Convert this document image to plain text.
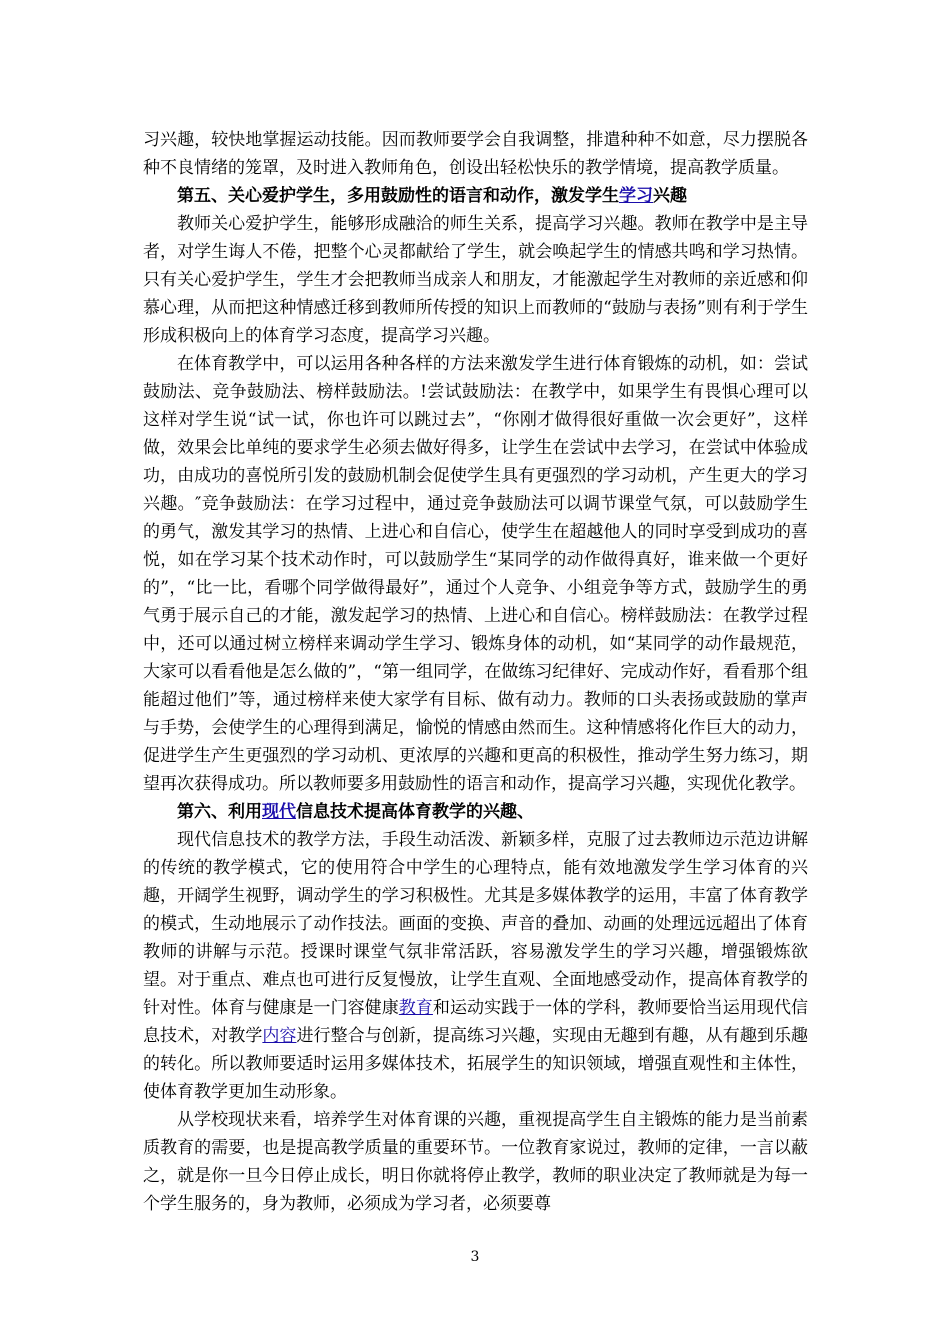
习兴趣，较快地掌握运动技能。因而教师要学会自我调整，排遣种种不如意，尽力摆脱各种不良情绪的笼罩，及时进入教师角色，创设出轻松快乐的教学情境，提高教学质量。

第五、关心爱护学生，多用鼓励性的语言和动作，激发学生学习兴趣

教师关心爱护学生，能够形成融洽的师生关系，提高学习兴趣。教师在教学中是主导者，对学生诲人不倦，把整个心灵都献给了学生，就会唤起学生的情感共鸣和学习热情。只有关心爱护学生，学生才会把教师当成亲人和朋友，才能激起学生对教师的亲近感和仰慕心理，从而把这种情感迁移到教师所传授的知识上而教师的“鼓励与表扬”则有利于学生形成积极向上的体育学习态度，提高学习兴趣。

在体育教学中，可以运用各种各样的方法来激发学生进行体育锻炼的动机，如：尝试鼓励法、竞争鼓励法、榜样鼓励法。!尝试鼓励法：在教学中，如果学生有畏惧心理可以这样对学生说“试一试，你也许可以跳过去”，“你刚才做得很好重做一次会更好”，这样做，效果会比单纯的要求学生必须去做好得多，让学生在尝试中去学习，在尝试中体验成功，由成功的喜悦所引发的鼓励机制会促使学生具有更强烈的学习动机，产生更大的学习兴趣。″竞争鼓励法：在学习过程中，通过竞争鼓励法可以调节课堂气氛，可以鼓励学生的勇气，激发其学习的热情、上进心和自信心，使学生在超越他人的同时享受到成功的喜悦，如在学习某个技术动作时，可以鼓励学生“某同学的动作做得真好，谁来做一个更好的”，“比一比，看哪个同学做得最好”，通过个人竞争、小组竞争等方式，鼓励学生的勇气勇于展示自己的才能，激发起学习的热情、上进心和自信心。榜样鼓励法：在教学过程中，还可以通过树立榜样来调动学生学习、锻炼身体的动机，如“某同学的动作最规范，大家可以看看他是怎么做的”，“第一组同学，在做练习纪律好、完成动作好，看看那个组能超过他们”等，通过榜样来使大家学有目标、做有动力。教师的口头表扬或鼓励的掌声与手势，会使学生的心理得到满足，愉悦的情感由然而生。这种情感将化作巨大的动力，促进学生产生更强烈的学习动机、更浓厚的兴趣和更高的积极性，推动学生努力练习，期望再次获得成功。所以教师要多用鼓励性的语言和动作，提高学习兴趣，实现优化教学。

第六、利用现代信息技术提高体育教学的兴趣、

现代信息技术的教学方法，手段生动活泼、新颖多样，克服了过去教师边示范边讲解的传统的教学模式，它的使用符合中学生的心理特点，能有效地激发学生学习体育的兴趣，开阔学生视野，调动学生的学习积极性。尤其是多媒体教学的运用，丰富了体育教学的模式，生动地展示了动作技法。画面的变换、声音的叠加、动画的处理远远超出了体育教师的讲解与示范。授课时课堂气氛非常活跃，容易激发学生的学习兴趣，增强锻炼欲望。对于重点、难点也可进行反复慢放，让学生直观、全面地感受动作，提高体育教学的针对性。体育与健康是一门容健康教育和运动实践于一体的学科，教师要恰当运用现代信息技术，对教学内容进行整合与创新，提高练习兴趣，实现由无趣到有趣，从有趣到乐趣的转化。所以教师要适时运用多媒体技术，拓展学生的知识领域，增强直观性和主体性，使体育教学更加生动形象。

从学校现状来看，培养学生对体育课的兴趣，重视提高学生自主锻炼的能力是当前素质教育的需要，也是提高教学质量的重要环节。一位教育家说过，教师的定律，一言以蔽之，就是你一旦今日停止成长，明日你就将停止教学，教师的职业决定了教师就是为每一个学生服务的，身为教师，必须成为学习者，必须要尊

3
